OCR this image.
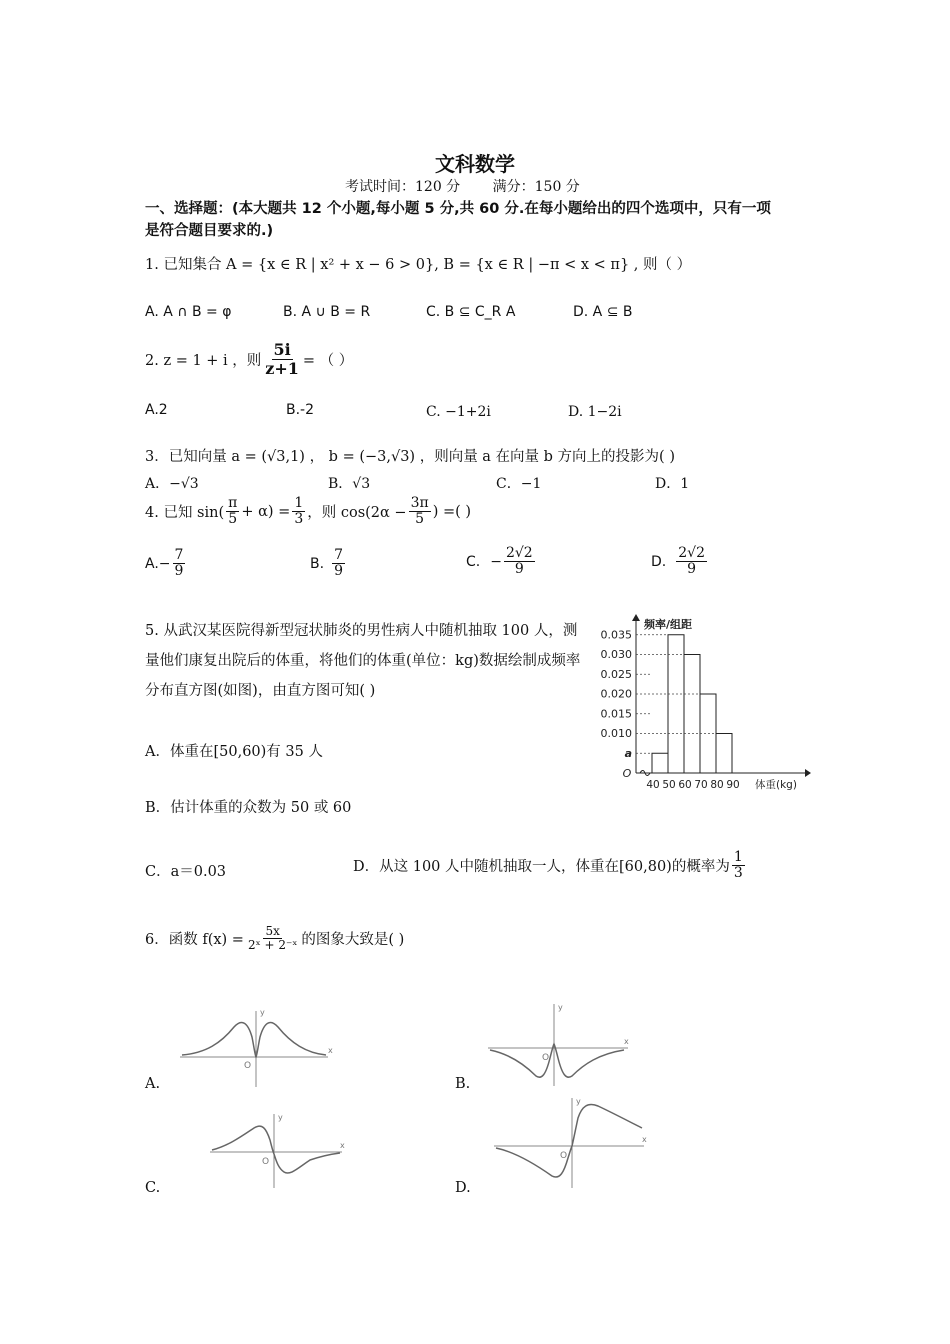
文科数学
考试时间：120 分 满分：150 分
一、选择题：(本大题共 12 个小题,每小题 5 分,共 60 分.在每小题给出的四个选项中，只有一项是符合题目要求的.)
1. 已知集合 A = {x ∈ R | x² + x − 6 > 0}, B = {x ∈ R | −π < x < π} , 则（ ）
A. A ∩ B = φ	B. A ∪ B = R	C. B ⊆ C_R A	D. A ⊆ B
2. z = 1 + i ，则 $\frac{5i}{z+1}$ = （ ）
A.2	B.-2	C. −1+2i	D. 1−2i
3．已知向量 a = (√3,1) ， b = (−3,√3) ，则向量 a 在向量 b 方向上的投影为( )
A．−√3	B．√3	C．−1	D．1
4. 已知 $\sin( \frac{\pi}{5} + \alpha) = \frac{1}{3}$ ，则 $\cos(2\alpha - \frac{3\pi}{5}$ ) =( )
A. − $\frac{7}{9}$	B. $\frac{7}{9}$	C. − $\frac{2√2}{9}$	D. $\frac{2√2}{9}$
5. 从武汉某医院得新型冠状肺炎的男性病人中随机抽取 100 人，测量他们康复出院后的体重，将他们的体重(单位：kg)数据绘制成频率分布直方图(如图)，由直方图可知( )
A．体重在[50,60)有 35 人
B．估计体重的众数为 50 或 60
C．a＝0.03	D．从这 100 人中随机抽取一人，体重在[60,80)的概率为 $\frac{1}{3}$
0.035
0.030
0.025
0.020
0.015
0.010
a
40 50 60 70 80 90
O
频率/组距
体重(kg)
6．函数 $f(x) = \frac{5x}{\text{2ˣ + 2⁻ˣ}}$ 的图象大致是( )
A.	B.
C.	D.
x
y
O
x
y
O
x
y
O
x
y
O
